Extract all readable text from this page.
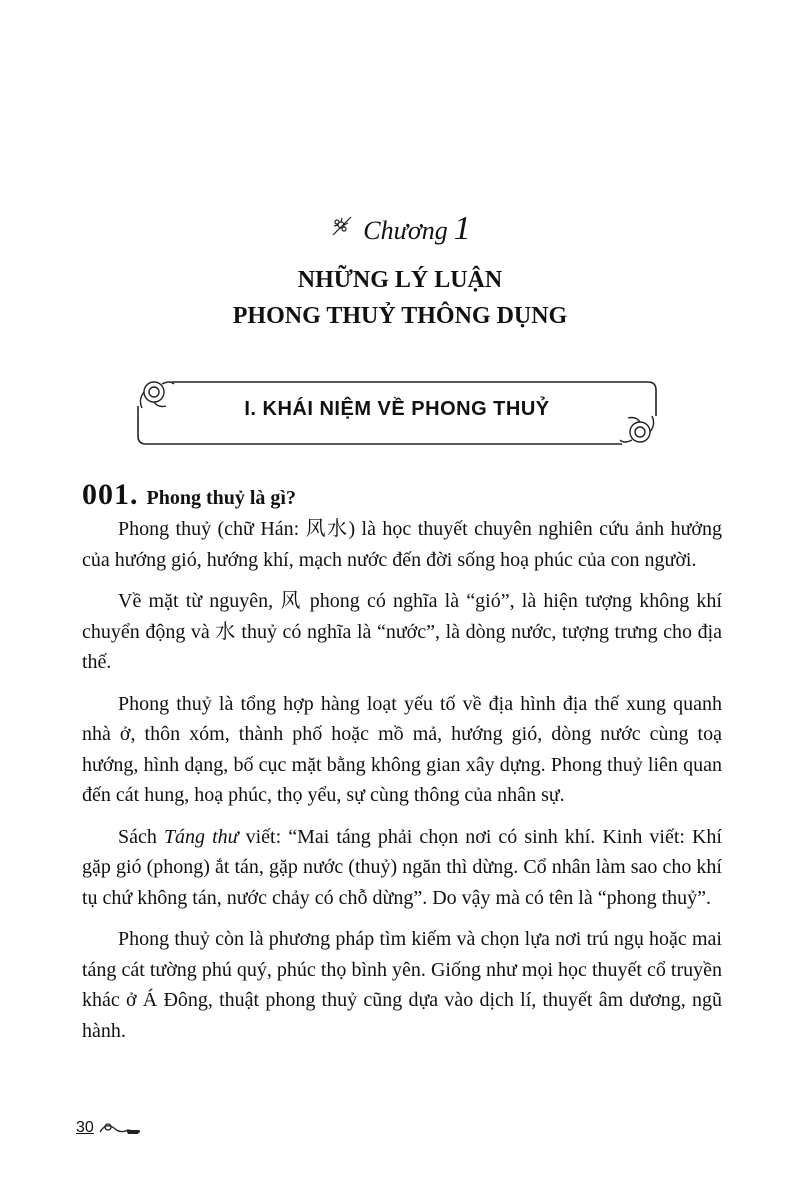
Chương 1
NHỮNG LÝ LUẬN
PHONG THUỶ THÔNG DỤNG
I. KHÁI NIỆM VỀ PHONG THUỶ
001. Phong thuỷ là gì?

Phong thuỷ (chữ Hán: 风水) là học thuyết chuyên nghiên cứu ảnh hưởng của hướng gió, hướng khí, mạch nước đến đời sống hoạ phúc của con người.

Về mặt từ nguyên, 风 phong có nghĩa là “gió”, là hiện tượng không khí chuyển động và 水 thuỷ có nghĩa là “nước”, là dòng nước, tượng trưng cho địa thế.

Phong thuỷ là tổng hợp hàng loạt yếu tố về địa hình địa thế xung quanh nhà ở, thôn xóm, thành phố hoặc mồ mả, hướng gió, dòng nước cùng toạ hướng, hình dạng, bố cục mặt bằng không gian xây dựng. Phong thuỷ liên quan đến cát hung, hoạ phúc, thọ yểu, sự cùng thông của nhân sự.

Sách Táng thư viết: “Mai táng phải chọn nơi có sinh khí. Kinh viết: Khí gặp gió (phong) ắt tán, gặp nước (thuỷ) ngăn thì dừng. Cổ nhân làm sao cho khí tụ chứ không tán, nước chảy có chỗ dừng”. Do vậy mà có tên là “phong thuỷ”.

Phong thuỷ còn là phương pháp tìm kiếm và chọn lựa nơi trú ngụ hoặc mai táng cát tường phú quý, phúc thọ bình yên. Giống như mọi học thuyết cổ truyền khác ở Á Đông, thuật phong thuỷ cũng dựa vào dịch lí, thuyết âm dương, ngũ hành.

30
